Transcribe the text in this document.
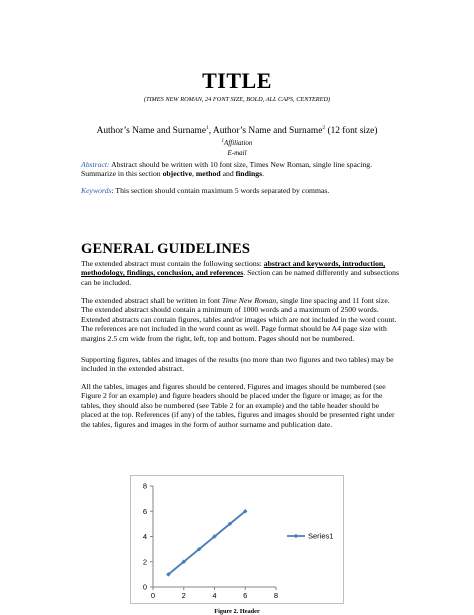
TITLE
(TIMES NEW ROMAN, 24 FONT SIZE, BOLD, ALL CAPS, CENTERED)
Author’s Name and Surname$^1$, Author’s Name and Surname$^2$ (12 font size)
$^1$Affiliation
E-mail
Abstract: Abstract should be written with 10 font size, Times New Roman, single line spacing. Summarize in this section objective, method and findings.
Keywords: This section should contain maximum 5 words separated by commas.
GENERAL GUIDELINES
The extended abstract must contain the following sections: abstract and keywords, introduction, methodology, findings, conclusion, and references. Section can be named differently and subsections can be included.
The extended abstract shall be written in font Time New Roman, single line spacing and 11 font size. The extended abstract should contain a minimum of 1000 words and a maximum of 2500 words. Extended abstracts can contain figures, tables and/or images which are not included in the word count. The references are not included in the word count as well. Page format should be A4 page size with margins 2.5 cm wide from the right, left, top and bottom. Pages should not be numbered.
Supporting figures, tables and images of the results (no more than two figures and two tables) may be included in the extended abstract.
All the tables, images and figures should be centered. Figures and images should be numbered (see Figure 2 for an example) and figure headers should be placed under the figure or image; as for the tables, they should also be numbered (see Table 2 for an example) and the table header should be placed at the top. References (if any) of the tables, figures and images should be presented right under the tables, figures and images in the form of author surname and publication date.
0	2	4	6	8
0
2
4
6
8
Series1
Figure 2. Header
